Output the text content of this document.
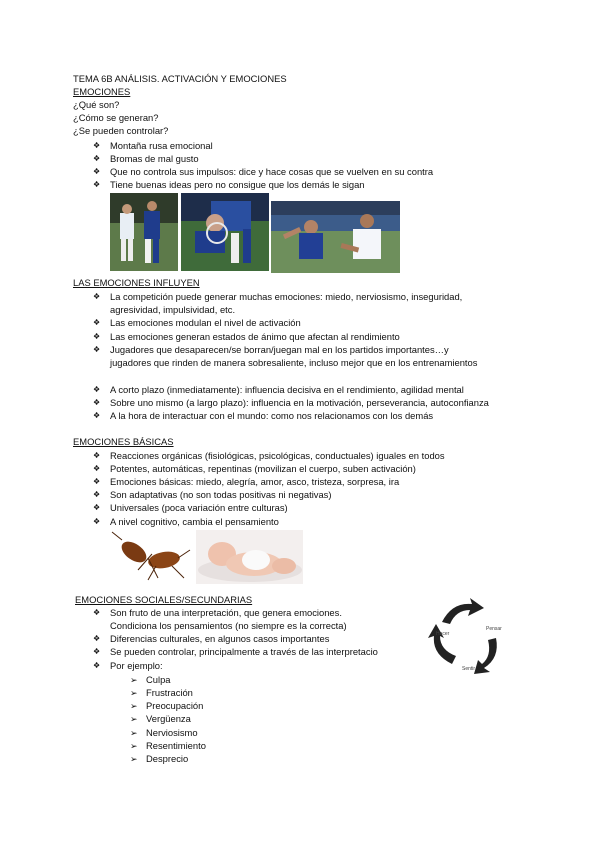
TEMA 6B ANÁLISIS. ACTIVACIÓN Y EMOCIONES
EMOCIONES
¿Qué son?
¿Cómo se generan?
¿Se pueden controlar?
❖ Montaña rusa emocional
❖ Bromas de mal gusto
❖ Que no controla sus impulsos: dice y hace cosas que se vuelven en su contra
❖ Tiene buenas ideas pero no consigue que los demás le sigan
LAS EMOCIONES INFLUYEN
❖ La competición puede generar muchas emociones: miedo, nerviosismo, inseguridad,
agresividad, impulsividad, etc.
❖ Las emociones modulan el nivel de activación
❖ Las emociones generan estados de ánimo que afectan al rendimiento
❖ Jugadores que desaparecen/se borran/juegan mal en los partidos importantes…y
jugadores que rinden de manera sobresaliente, incluso mejor que en los entrenamientos
❖ A corto plazo (inmediatamente): influencia decisiva en el rendimiento, agilidad mental
❖ Sobre uno mismo (a largo plazo): influencia en la motivación, perseverancia, autoconfianza
❖ A la hora de interactuar con el mundo: como nos relacionamos con los demás
EMOCIONES BÁSICAS
❖ Reacciones orgánicas (fisiológicas, psicológicas, conductuales) iguales en todos
❖ Potentes, automáticas, repentinas (movilizan el cuerpo, suben activación)
❖ Emociones básicas: miedo, alegría, amor, asco, tristeza, sorpresa, ira
❖ Son adaptativas (no son todas positivas ni negativas)
❖ Universales (poca variación entre culturas)
❖ A nivel cognitivo, cambia el pensamiento
EMOCIONES SOCIALES/SECUNDARIAS
❖ Son fruto de una interpretación, que genera emociones.
Condiciona los pensamientos (no siempre es la correcta)
❖ Diferencias culturales, en algunos casos importantes
❖ Se pueden controlar, principalmente a través de las interpretacio
❖ Por ejemplo:
➢ Culpa
➢ Frustración
➢ Preocupación
➢ Vergüenza
➢ Nerviosismo
➢ Resentimiento
➢ Desprecio
Pensar
Hacer
Sentir
